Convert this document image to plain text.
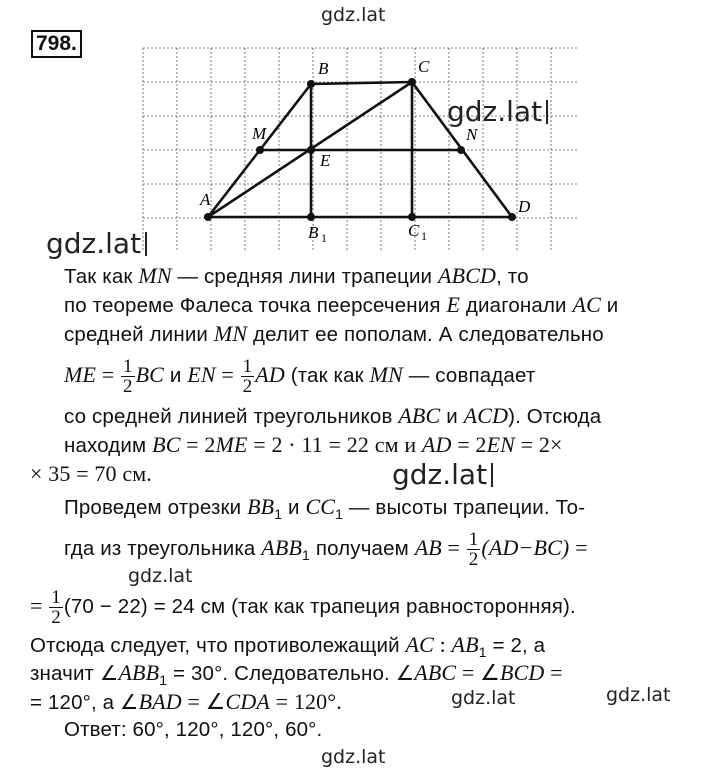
gdz.lat
798.
A
B	C
D
M	N
E
B 1	C 1
gdz.lat
gdz.lat
Так как MN — средняя лини трапеции ABCD, то
по теореме Фалеса точка пеерсечения E диагонали AC и
средней линии MN делит ее пополам. А следовательно
ME = $\frac{1}{2}$ BC и EN = $\frac{1}{2}$ AD (так как MN — совпадает
со средней линией треугольников ABC и ACD). Отсюда
находим BC = 2ME = 2 · 11 = 22 см и AD = 2EN = 2×
× 35 = 70 см.	gdz.lat
Проведем отрезки $BB_1$ и $CC_1$ — высоты трапеции. То-
гда из треугольника $ABB_1$ получаем AB = $\frac{1}{2} (AD-BC)$ =
gdz.lat
= $\frac{1}{2} (70 - 22) = 24$ см (так как трапеция равносторонняя).
Отсюда следует, что противолежащий AC : $AB_1 = 2$, а
значит $\angle ABB_1 = 30^\circ$. Следовательно. ∠ABC = ∠BCD =
= 120°, а ∠BAD = ∠CDA = 120°.	gdz.lat	gdz.lat
Ответ: 60°, 120°, 120°, 60°.
gdz.lat
